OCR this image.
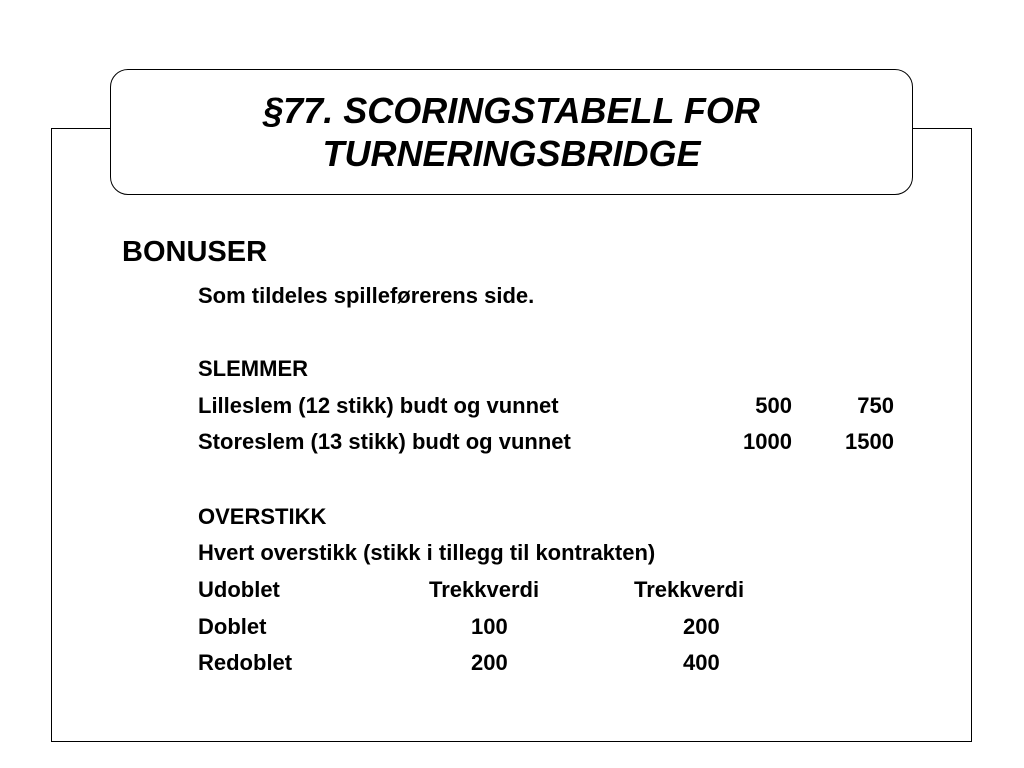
§77. SCORINGSTABELL FOR
TURNERINGSBRIDGE
BONUSER
Som tildeles spilleførerens side.
SLEMMER
Lilleslem (12 stikk) budt og vunnet	500	750
Storeslem (13 stikk) budt og vunnet	1000	1500
OVERSTIKK
Hvert overstikk (stikk i tillegg til kontrakten)
Udoblet	Trekkverdi	Trekkverdi
Doblet	100	200
Redoblet	200	400
